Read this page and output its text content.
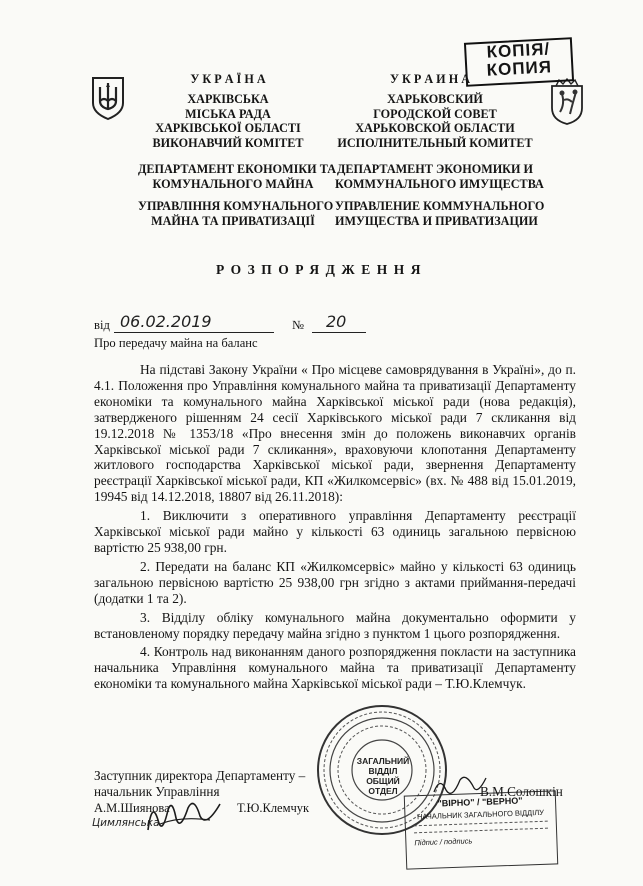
КОПІЯ/
КОПИЯ
У К Р А Ї Н А
ХАРКІВСЬКА
МІСЬКА РАДА
ХАРКІВСЬКОЇ ОБЛАСТІ
ВИКОНАВЧИЙ КОМІТЕТ
ДЕПАРТАМЕНТ ЕКОНОМІКИ ТА
КОМУНАЛЬНОГО МАЙНА
УПРАВЛІННЯ КОМУНАЛЬНОГО
МАЙНА ТА ПРИВАТИЗАЦІЇ
У К Р А И Н А
ХАРЬКОВСКИЙ
ГОРОДСКОЙ СОВЕТ
ХАРЬКОВСКОЙ ОБЛАСТИ
ИСПОЛНИТЕЛЬНЫЙ КОМИТЕТ
ДЕПАРТАМЕНТ ЭКОНОМИКИ И
КОММУНАЛЬНОГО ИМУЩЕСТВА
УПРАВЛЕНИЕ КОММУНАЛЬНОГО
ИМУЩЕСТВА И ПРИВАТИЗАЦИИ
РОЗПОРЯДЖЕННЯ
від 06.02.2019	№ 20
Про передачу майна на баланс

На підставі Закону України « Про місцеве самоврядування в Україні», до п. 4.1. Положення про Управління комунального майна та приватизації Департаменту економіки та комунального майна Харківської міської ради (нова редакція), затвердженого рішенням 24 сесії Харківського міської ради 7 скликання від 19.12.2018 № 1353/18 «Про внесення змін до положень виконавчих органів Харківської міської ради 7 скликання», враховуючи клопотання Департаменту житлового господарства Харківської міської ради, звернення Департаменту реєстрації Харківської міської ради, КП «Жилкомсервіс» (вх. № 488 від 15.01.2019, 19945 від 14.12.2018, 18807 від 26.11.2018):

1. Виключити з оперативного управління Департаменту реєстрації Харківської міської ради майно у кількості 63 одиниць загальною первісною вартістю 25 938,00 грн.

2. Передати на баланс КП «Жилкомсервіс» майно у кількості 63 одиниць загальною первісною вартістю 25 938,00 грн згідно з актами приймання-передачі (додатки 1 та 2).

3. Відділу обліку комунального майна документально оформити у встановленому порядку передачу майна згідно з пунктом 1 цього розпорядження.

4. Контроль над виконанням даного розпорядження покласти на заступника начальника Управління комунального майна та приватизації Департаменту економіки та комунального майна Харківської міської ради – Т.Ю.Клемчук.

ЗАГАЛЬНИЙ
ВІДДІЛ
ОБЩИЙ ОТДЕЛ
"ВІРНО" / "ВЕРНО"
НАЧАЛЬНИК ЗАГАЛЬНОГО ВІДДІЛУ
Підпис / подпись
Заступник директора Департаменту –
начальник Управління	В.М.Солошкін
А.М.Шиянова
Цимлянська
Т.Ю.Клемчук
